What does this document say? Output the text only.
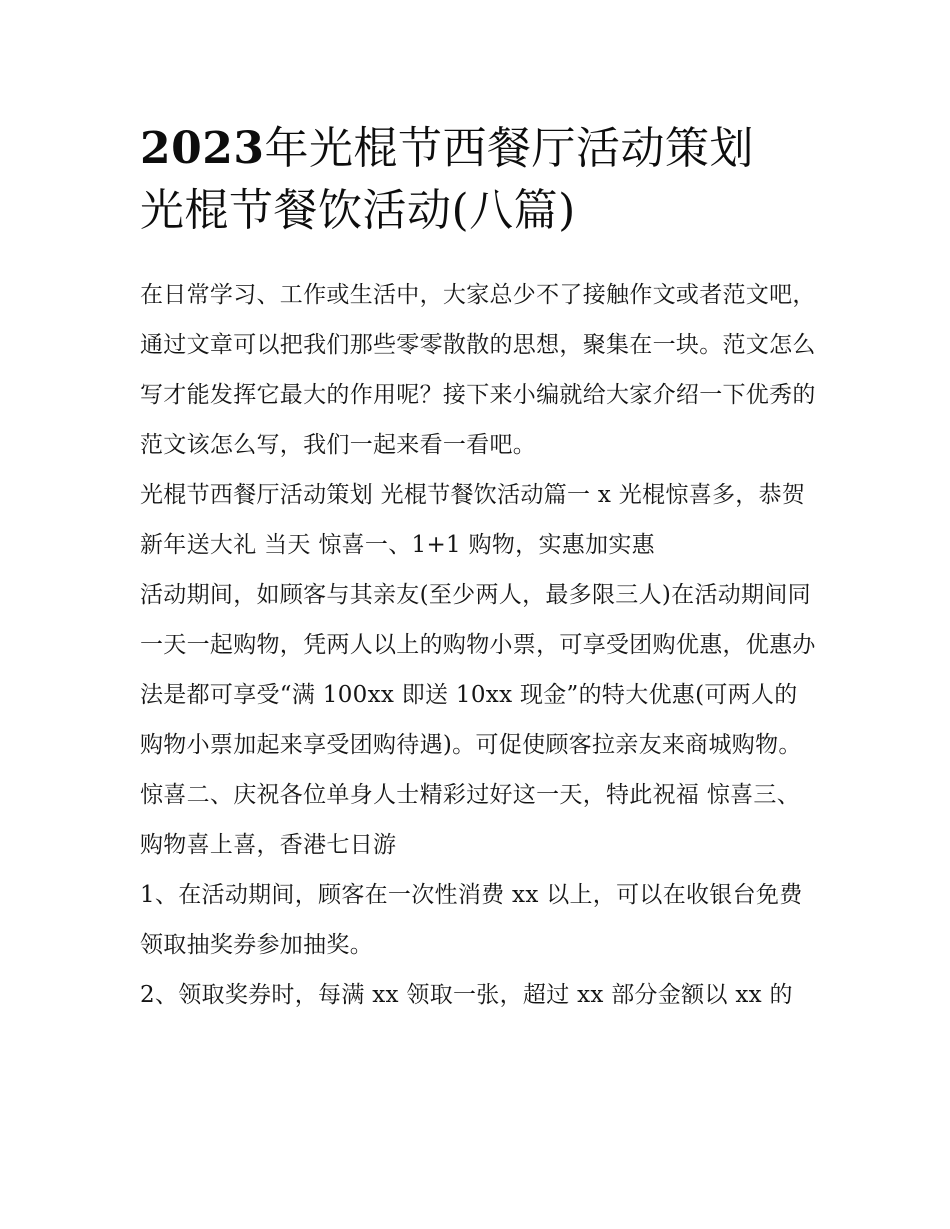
2023年光棍节西餐厅活动策划
光棍节餐饮活动(八篇)

在日常学习、工作或生活中，大家总少不了接触作文或者范文吧，通过文章可以把我们那些零零散散的思想，聚集在一块。范文怎么写才能发挥它最大的作用呢？接下来小编就给大家介绍一下优秀的范文该怎么写，我们一起来看一看吧。

光棍节西餐厅活动策划 光棍节餐饮活动篇一 x 光棍惊喜多，恭贺新年送大礼 当天 惊喜一、1+1 购物，实惠加实惠

活动期间，如顾客与其亲友(至少两人，最多限三人)在活动期间同一天一起购物，凭两人以上的购物小票，可享受团购优惠，优惠办法是都可享受“满 100xx 即送 10xx 现金”的特大优惠(可两人的购物小票加起来享受团购待遇)。可促使顾客拉亲友来商城购物。

惊喜二、庆祝各位单身人士精彩过好这一天，特此祝福 惊喜三、购物喜上喜，香港七日游

1、在活动期间，顾客在一次性消费 xx 以上，可以在收银台免费领取抽奖券参加抽奖。

2、领取奖券时，每满 xx 领取一张，超过 xx 部分金额以 xx 的
